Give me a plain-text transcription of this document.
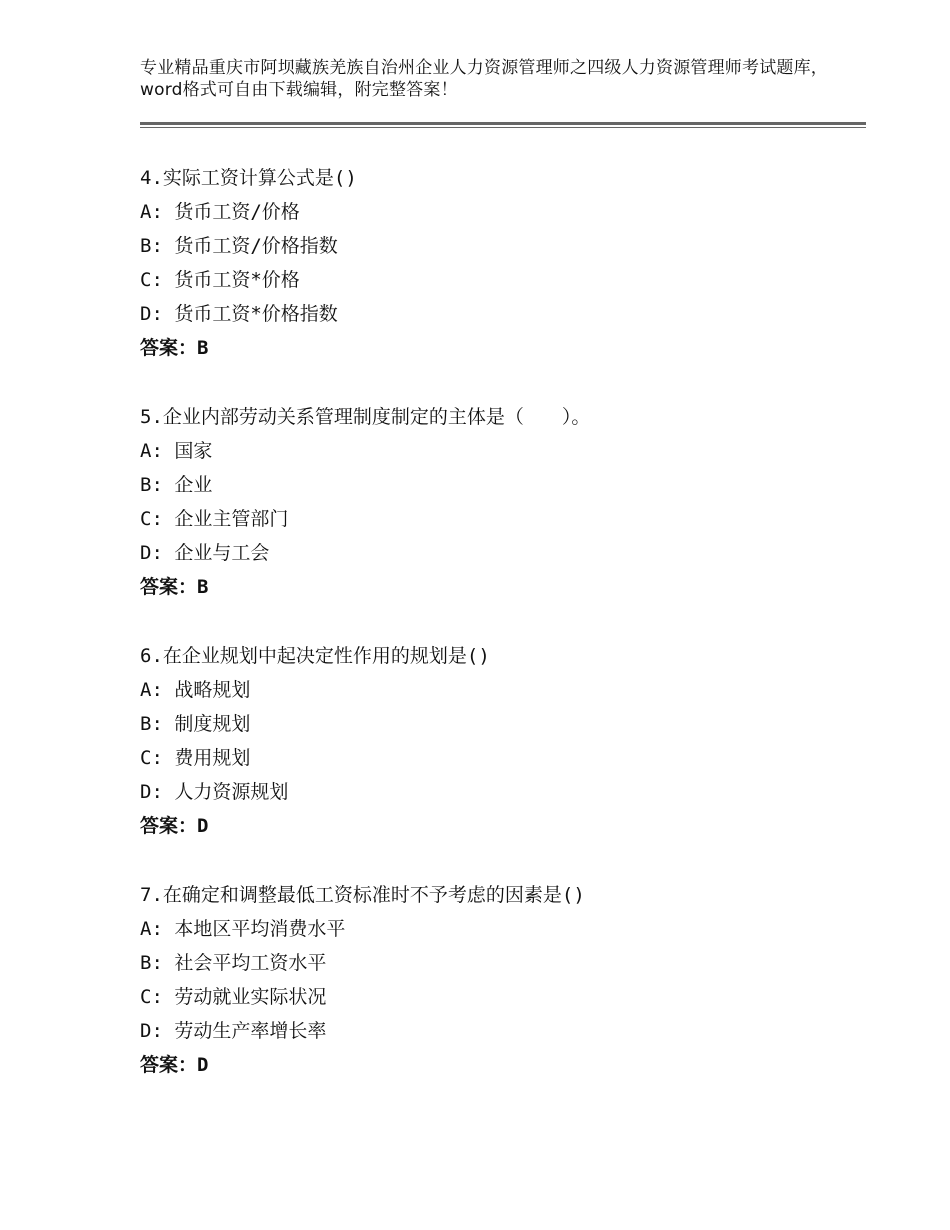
专业精品重庆市阿坝藏族羌族自治州企业人力资源管理师之四级人力资源管理师考试题库，word格式可自由下载编辑，附完整答案！
4.实际工资计算公式是()
A: 货币工资/价格
B: 货币工资/价格指数
C: 货币工资*价格
D: 货币工资*价格指数
答案：B
5.企业内部劳动关系管理制度制定的主体是（　　）。
A: 国家
B: 企业
C: 企业主管部门
D: 企业与工会
答案：B
6.在企业规划中起决定性作用的规划是()
A: 战略规划
B: 制度规划
C: 费用规划
D: 人力资源规划
答案：D
7.在确定和调整最低工资标准时不予考虑的因素是()
A: 本地区平均消费水平
B: 社会平均工资水平
C: 劳动就业实际状况
D: 劳动生产率增长率
答案：D
